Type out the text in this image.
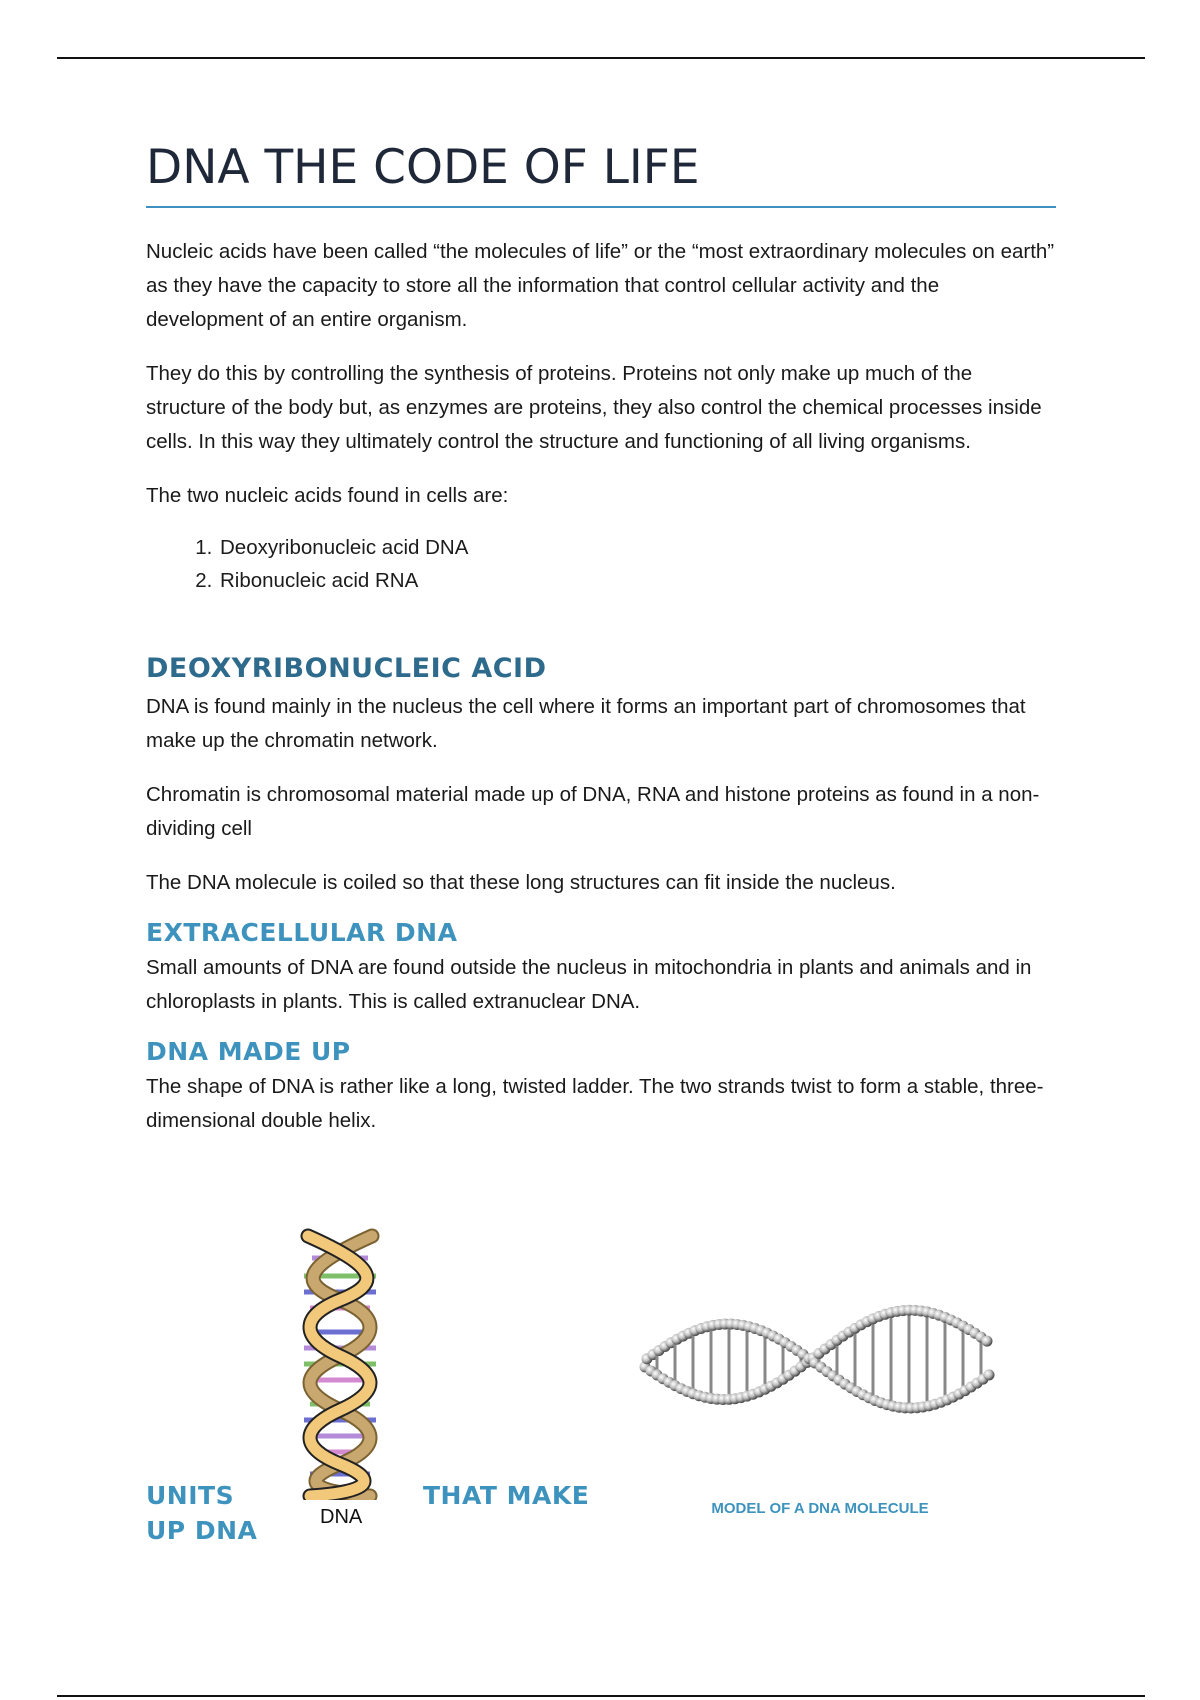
DNA THE CODE OF LIFE

Nucleic acids have been called “the molecules of life” or the “most extraordinary molecules on earth” as they have the capacity to store all the information that control cellular activity and the development of an entire organism.

They do this by controlling the synthesis of proteins. Proteins not only make up much of the structure of the body but, as enzymes are proteins, they also control the chemical processes inside cells. In this way they ultimately control the structure and functioning of all living organisms.

The two nucleic acids found in cells are:

1. Deoxyribonucleic acid DNA
2. Ribonucleic acid RNA
DEOXYRIBONUCLEIC ACID

DNA is found mainly in the nucleus the cell where it forms an important part of chromosomes that make up the chromatin network.

Chromatin is chromosomal material made up of DNA, RNA and histone proteins as found in a non-dividing cell

The DNA molecule is coiled so that these long structures can fit inside the nucleus.

EXTRACELLULAR DNA

Small amounts of DNA are found outside the nucleus in mitochondria in plants and animals and in chloroplasts in plants. This is called extranuclear DNA.

DNA MADE UP

The shape of DNA is rather like a long, twisted ladder. The two strands twist to form a stable, three-dimensional double helix.

UNITS
UP DNA	DNA
THAT MAKE	MODEL OF A DNA MOLECULE
